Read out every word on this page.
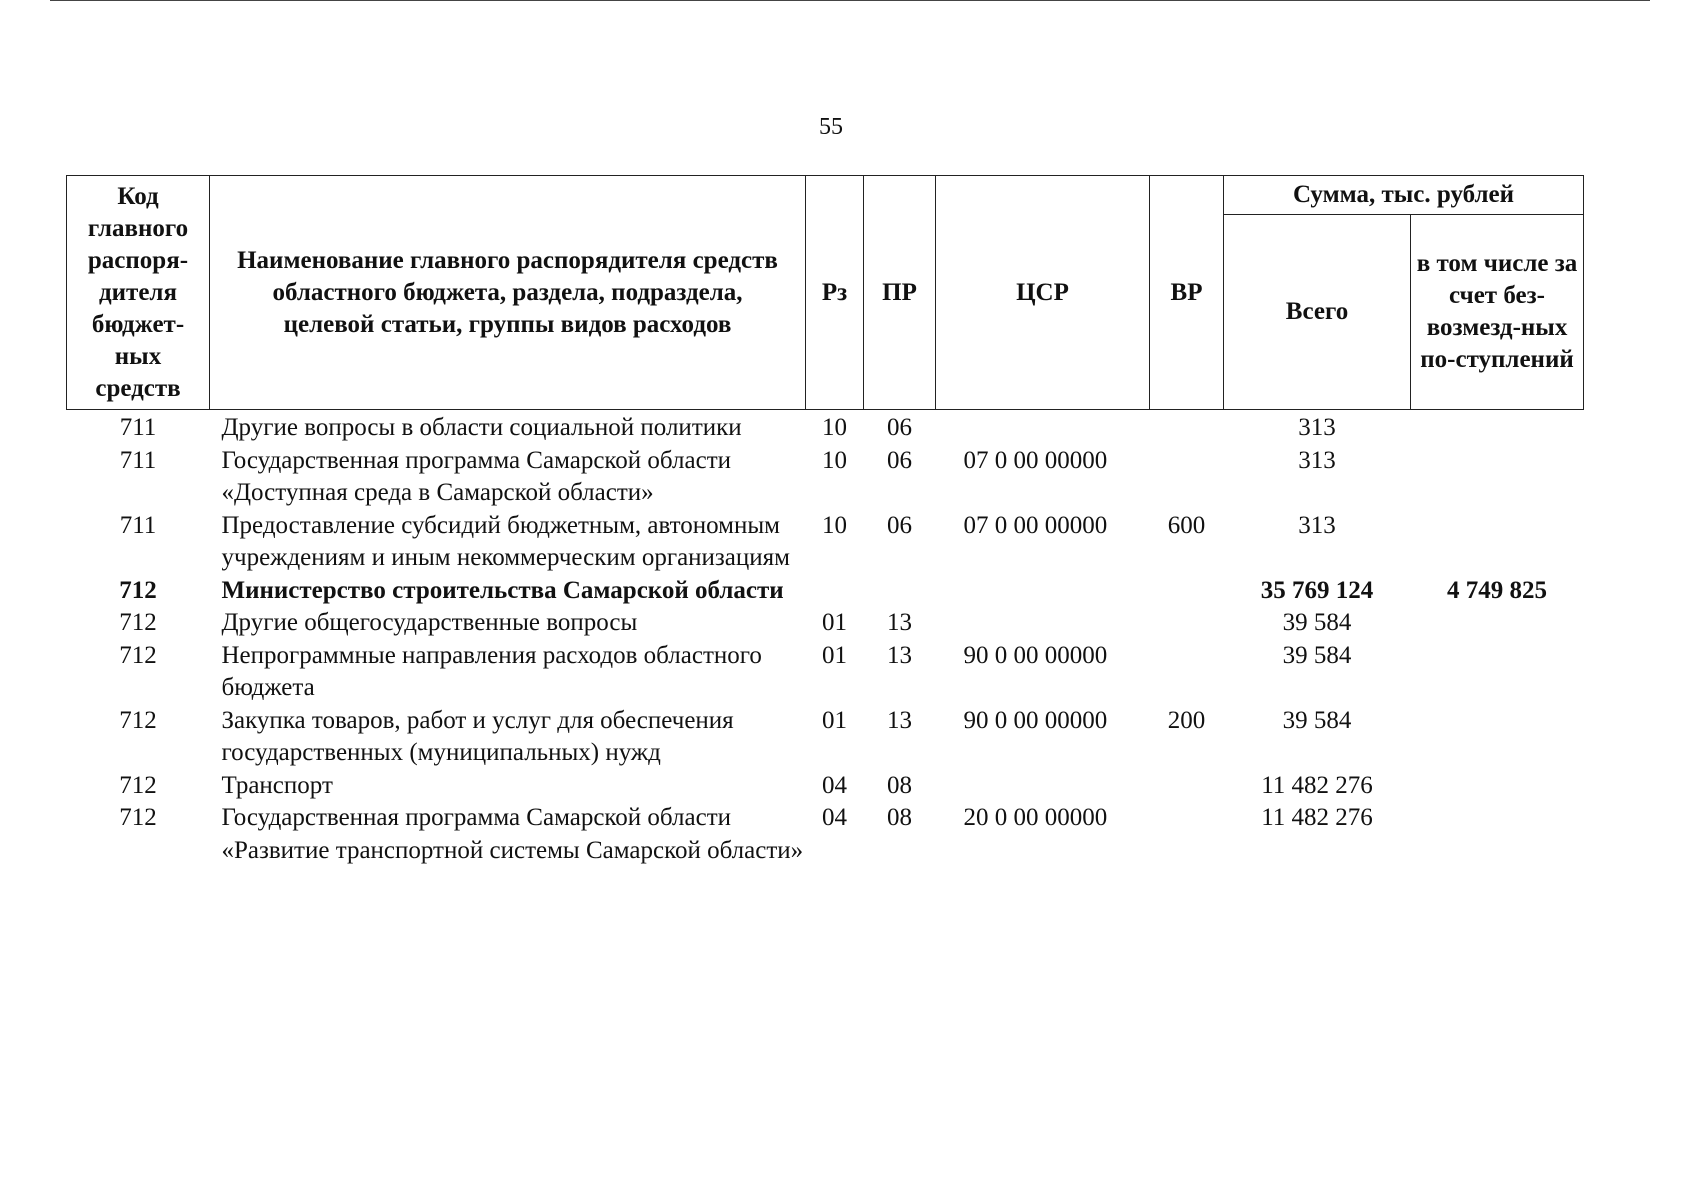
55
Код главного распоря-дителя бюджет-ных средств	Наименование главного распорядителя средств областного бюджета, раздела, подраздела, целевой статьи, группы видов расходов	Рз	ПР	ЦСР	ВР	Сумма, тыс. рублей	
						Всего	в том числе за счет без-возмезд-ных по-ступлений
711	Другие вопросы в области социальной политики	10	06			313	
711	Государственная программа Самарской области «Доступная среда в Самарской области»	10	06	07 0 00 00000		313	
711	Предоставление субсидий бюджетным, автономным учреждениям и иным некоммерческим организациям	10	06	07 0 00 00000	600	313	
712	Министерство строительства Самарской области					35 769 124	4 749 825
712	Другие общегосударственные вопросы	01	13			39 584	
712	Непрограммные направления расходов областного бюджета	01	13	90 0 00 00000		39 584	
712	Закупка товаров, работ и услуг для обеспечения государственных (муниципальных) нужд	01	13	90 0 00 00000	200	39 584	
712	Транспорт	04	08			11 482 276	
712	Государственная программа Самарской области «Развитие транспортной системы Самарской области»	04	08	20 0 00 00000		11 482 276	
